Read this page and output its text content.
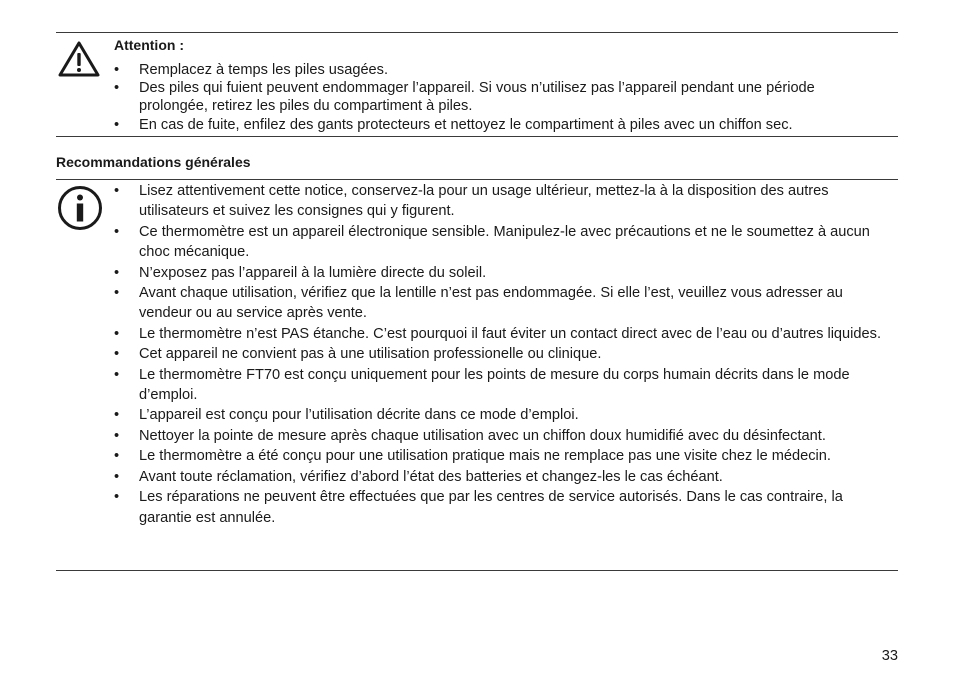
Attention :
• Remplacez à temps les piles usagées.
• Des piles qui fuient peuvent endommager l’appareil. Si vous n’utilisez pas l’appareil pendant une période prolongée, retirez les piles du compartiment à piles.
• En cas de fuite, enfilez des gants protecteurs et nettoyez le compartiment à piles avec un chiffon sec.
Recommandations générales
• Lisez attentivement cette notice, conservez-la pour un usage ultérieur, mettez-la à la disposition des autres utilisateurs et suivez les consignes qui y figurent.
• Ce thermomètre est un appareil électronique sensible. Manipulez-le avec précautions et ne le soumettez à aucun choc mécanique.
• N’exposez pas l’appareil à la lumière directe du soleil.
• Avant chaque utilisation, vérifiez que la lentille n’est pas endommagée. Si elle l’est, veuillez vous adresser au vendeur ou au service après vente.
• Le thermomètre n’est PAS étanche. C’est pourquoi il faut éviter un contact direct avec de l’eau ou d’autres liquides.
• Cet appareil ne convient pas à une utilisation professionelle ou clinique.
• Le thermomètre FT70 est conçu uniquement pour les points de mesure du corps humain décrits dans le mode d’emploi.
• L’appareil est conçu pour l’utilisation décrite dans ce mode d’emploi.
• Nettoyer la pointe de mesure après chaque utilisation avec un chiffon doux humidifié avec du désinfectant.
• Le thermomètre a été conçu pour une utilisation pratique mais ne remplace pas une visite chez le médecin.
• Avant toute réclamation, vérifiez d’abord l’état des batteries et changez-les le cas échéant.
• Les réparations ne peuvent être effectuées que par les centres de service autorisés. Dans le cas contraire, la garantie est annulée.
33
